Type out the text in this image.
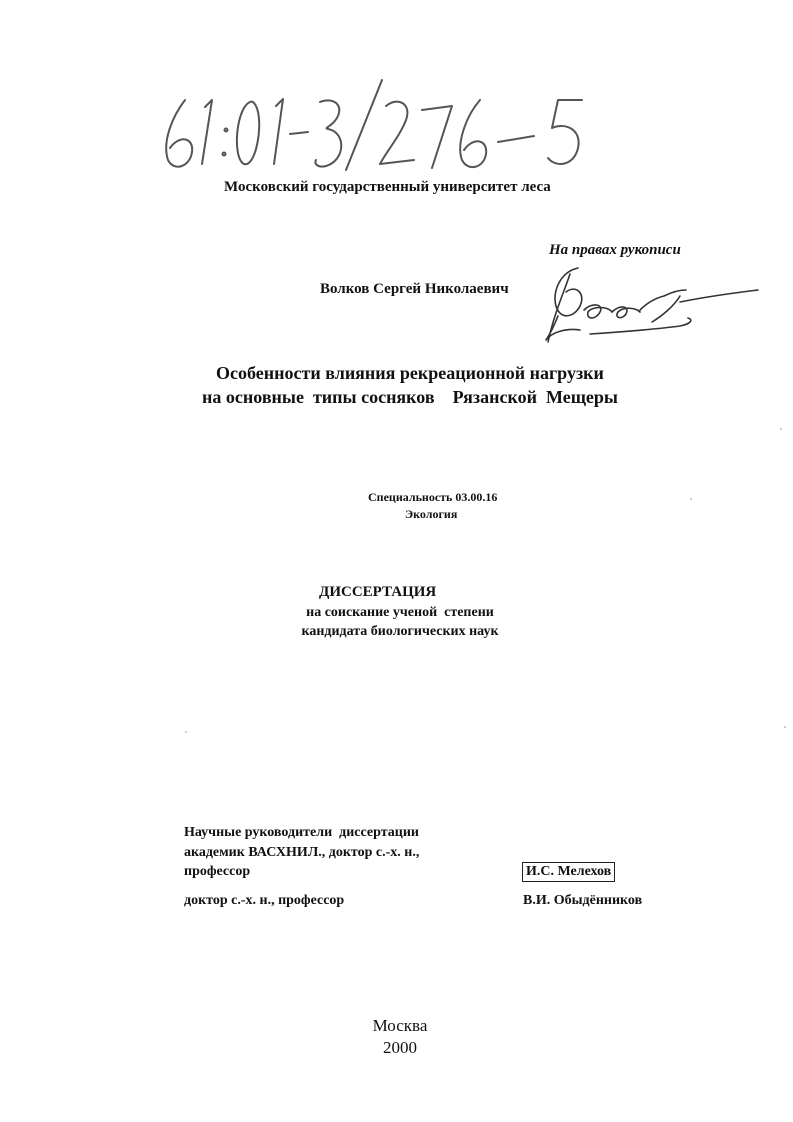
Московский государственный университет леса
На правах рукописи
Волков Сергей Николаевич
Особенности влияния рекреационной нагрузки
на основные  типы сосняков    Рязанской  Мещеры
Специальность 03.00.16
Экология
ДИССЕРТАЦИЯ
на соискание ученой  степени
кандидата биологических наук
Научные руководители  диссертации
академик ВАСХНИЛ., доктор с.-х. н.,
профессор	И.С. Мелехов
доктор с.-х. н., профессор	В.И. Обыдёнников
Москва
2000
